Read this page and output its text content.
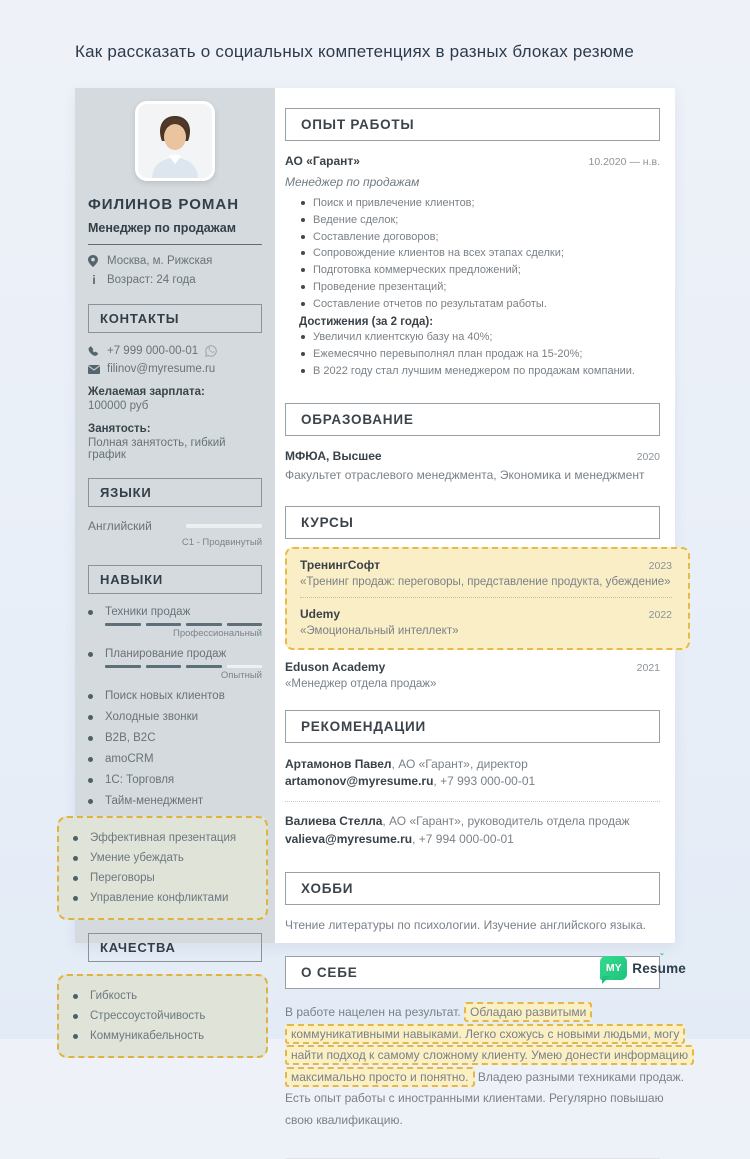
Как рассказать о социальных компетенциях в разных блоках резюме
ФИЛИНОВ РОМАН
Менеджер по продажам
Москва, м. Рижская
i Возраст: 24 года
КОНТАКТЫ
+7 999 000-00-01
filinov@myresume.ru
Желаемая зарплата:
100000 руб
Занятость:
Полная занятость, гибкий график
ЯЗЫКИ
Английский
C1 - Продвинутый
НАВЫКИ
Техники продаж
Профессиональный
Планирование продаж
Опытный
Поиск новых клиентов
Холодные звонки
B2B, B2C
amoCRM
1С: Торговля
Тайм-менеджмент
Эффективная презентация
Умение убеждать
Переговоры
Управление конфликтами
КАЧЕСТВА
Гибкость
Стрессоустойчивость
Коммуникабельность
ОПЫТ РАБОТЫ
АО «Гарант»	10.2020 — н.в.
Менеджер по продажам
Поиск и привлечение клиентов;
Ведение сделок;
Составление договоров;
Сопровождение клиентов на всех этапах сделки;
Подготовка коммерческих предложений;
Проведение презентаций;
Составление отчетов по результатам работы.
Достижения (за 2 года):
Увеличил клиентскую базу на 40%;
Ежемесячно перевыполнял план продаж на 15-20%;
В 2022 году стал лучшим менеджером по продажам компании.
ОБРАЗОВАНИЕ
МФЮА, Высшее	2020
Факультет отраслевого менеджмента, Экономика и менеджмент
КУРСЫ
ТренингСофт	2023
«Тренинг продаж: переговоры, представление продукта, убеждение»
Udemy	2022
«Эмоциональный интеллект»
Eduson Academy	2021
«Менеджер отдела продаж»
РЕКОМЕНДАЦИИ
Артамонов Павел, АО «Гарант», директор
artamonov@myresume.ru, +7 993 000-00-01
Валиева Стелла, АО «Гарант», руководитель отдела продаж
valieva@myresume.ru, +7 994 000-00-01
ХОББИ
Чтение литературы по психологии. Изучение английского языка.
О СЕБЕ

В работе нацелен на результат. Обладаю развитыми коммуникативными навыками. Легко схожусь с новыми людьми, могу найти подход к самому сложному клиенту. Умею донести информацию максимально просто и понятно. Владею разными техниками продаж. Есть опыт работы с иностранными клиентами. Регулярно повышаю свою квалификацию.

MY Res
ˇ
ume
